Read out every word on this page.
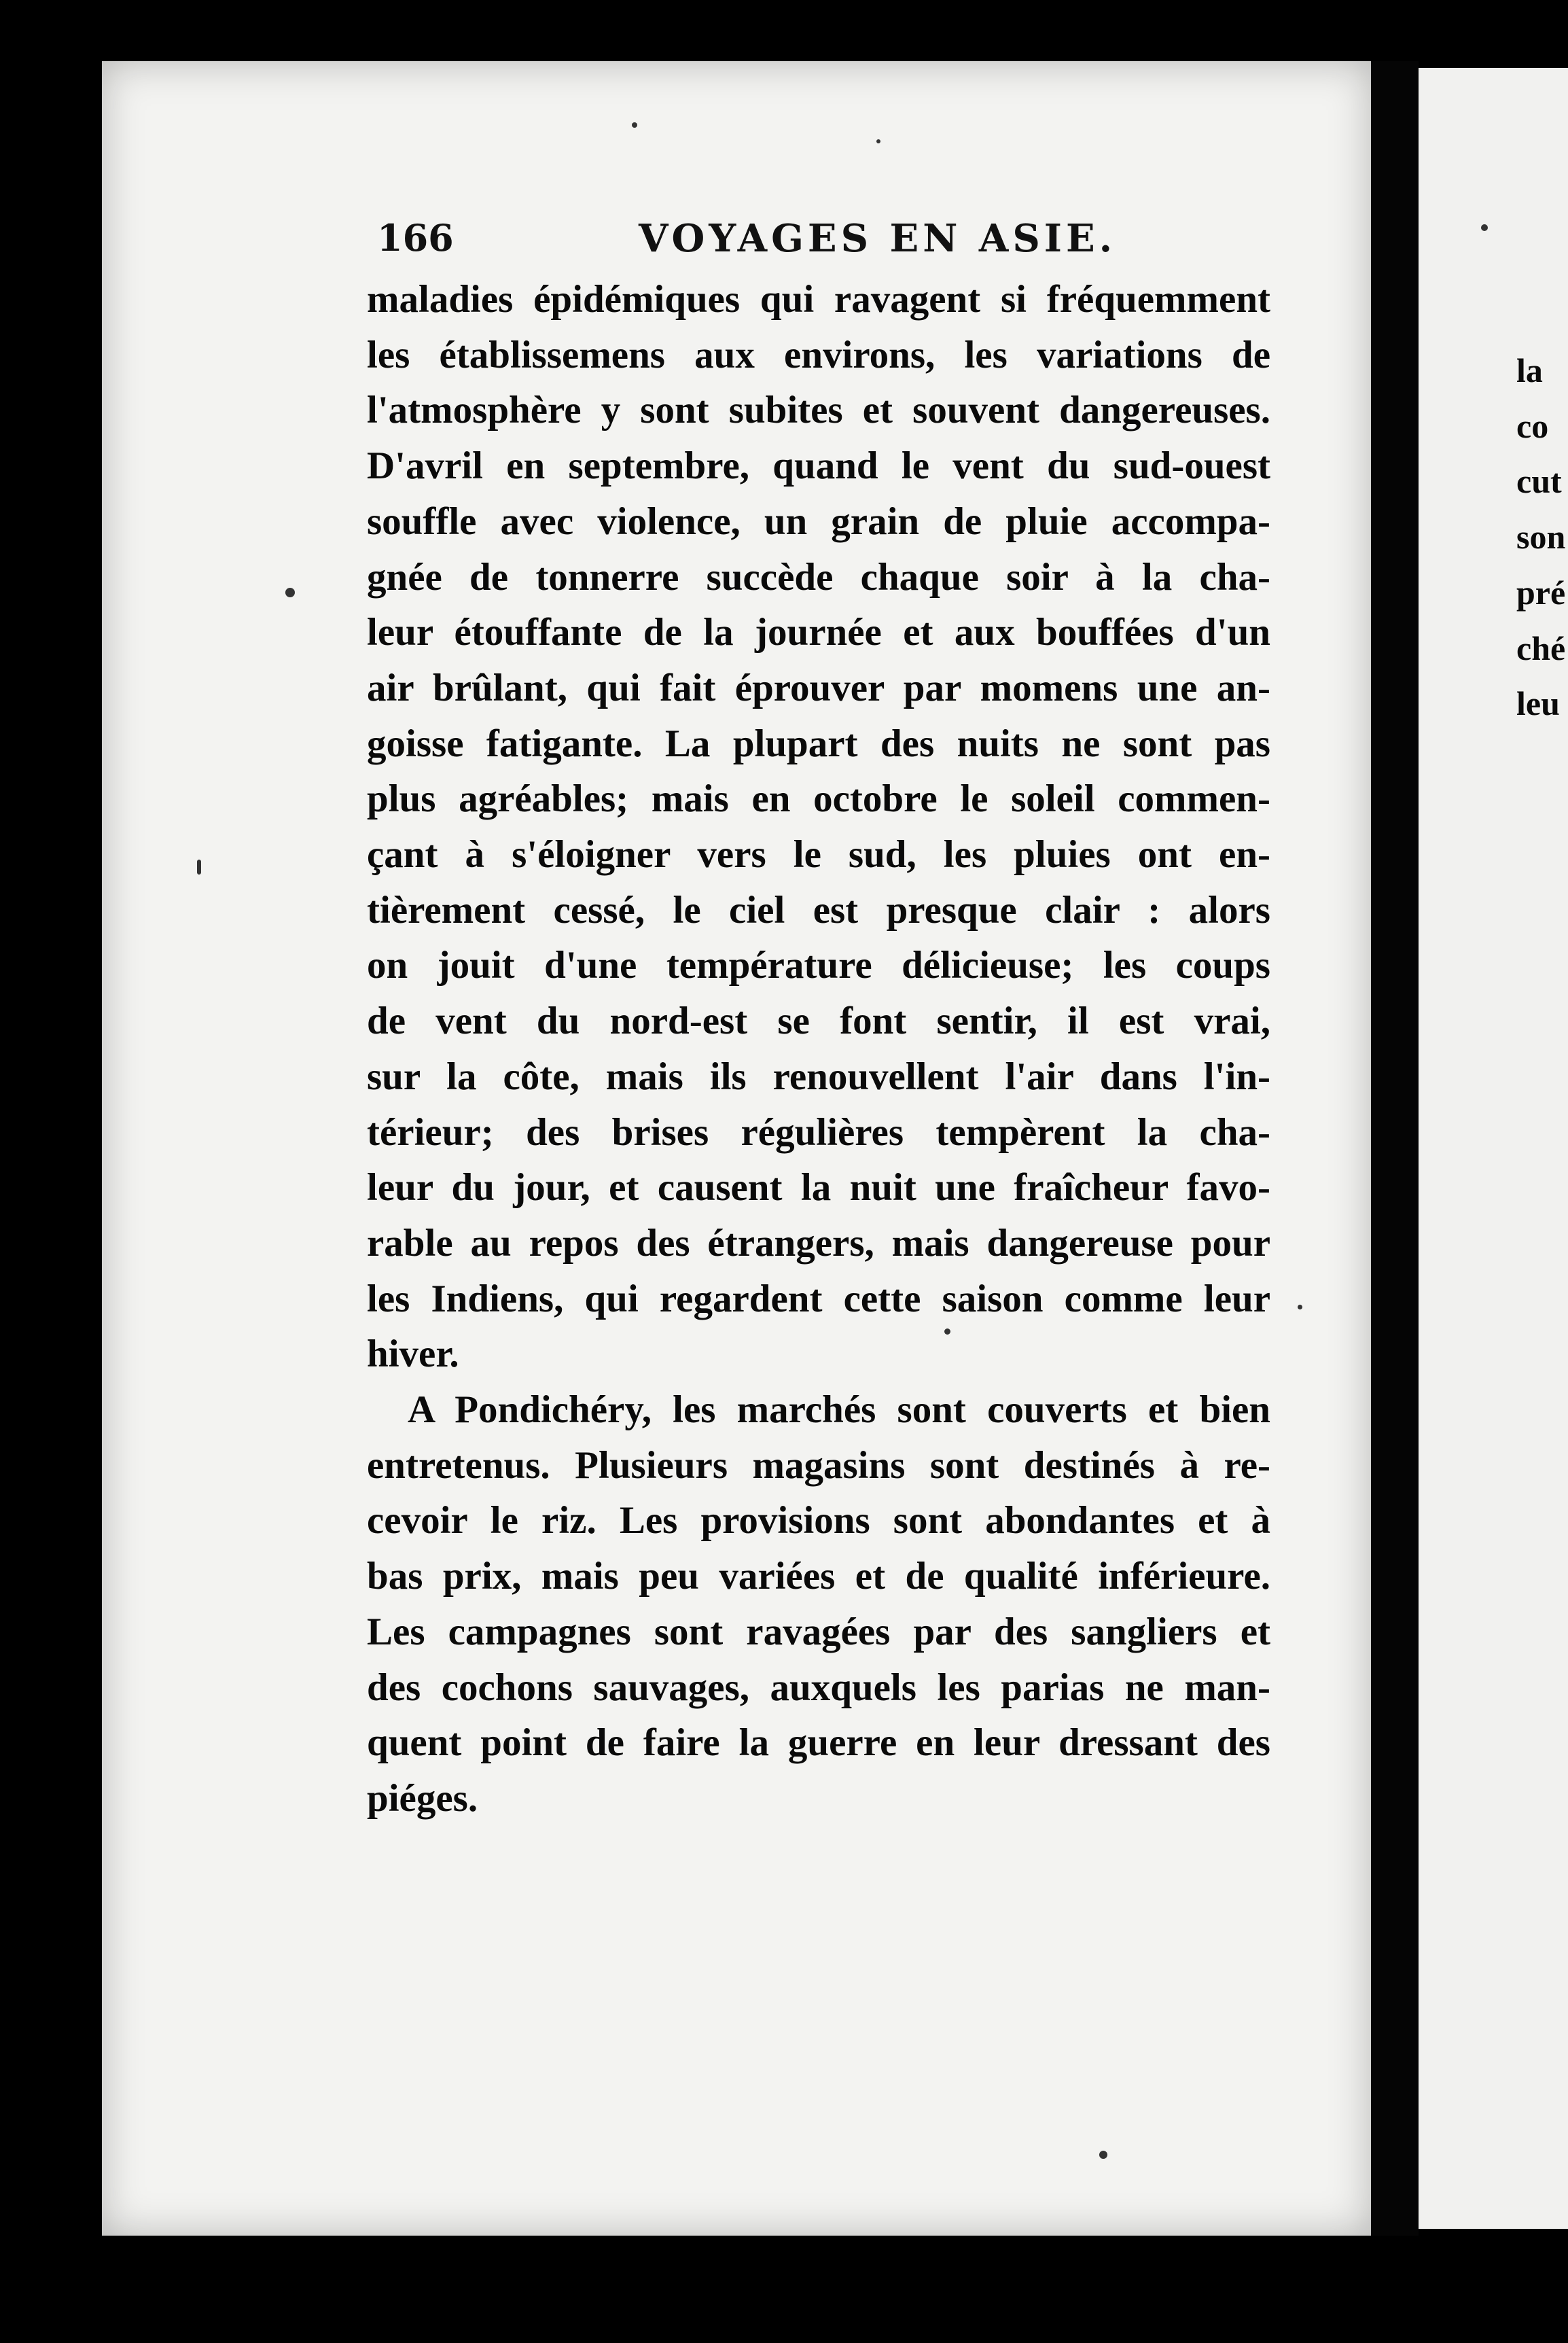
166	VOYAGES EN ASIE.
maladies épidémiques qui ravagent si fréquemment
les établissemens aux environs, les variations de
l'atmosphère y sont subites et souvent dangereuses.
D'avril en septembre, quand le vent du sud-ouest
souffle avec violence, un grain de pluie accompa-
gnée de tonnerre succède chaque soir à la cha-
leur étouffante de la journée et aux bouffées d'un
air brûlant, qui fait éprouver par momens une an-
goisse fatigante. La plupart des nuits ne sont pas
plus agréables; mais en octobre le soleil commen-
çant à s'éloigner vers le sud, les pluies ont en-
tièrement cessé, le ciel est presque clair : alors
on jouit d'une température délicieuse; les coups
de vent du nord-est se font sentir, il est vrai,
sur la côte, mais ils renouvellent l'air dans l'in-
térieur; des brises régulières tempèrent la cha-
leur du jour, et causent la nuit une fraîcheur favo-
rable au repos des étrangers, mais dangereuse pour
les Indiens, qui regardent cette saison comme leur
hiver.
A Pondichéry, les marchés sont couverts et bien
entretenus. Plusieurs magasins sont destinés à re-
cevoir le riz. Les provisions sont abondantes et à
bas prix, mais peu variées et de qualité inférieure.
Les campagnes sont ravagées par des sangliers et
des cochons sauvages, auxquels les parias ne man-
quent point de faire la guerre en leur dressant des
piéges.
la
co
cut
son
pré
ché
leu
